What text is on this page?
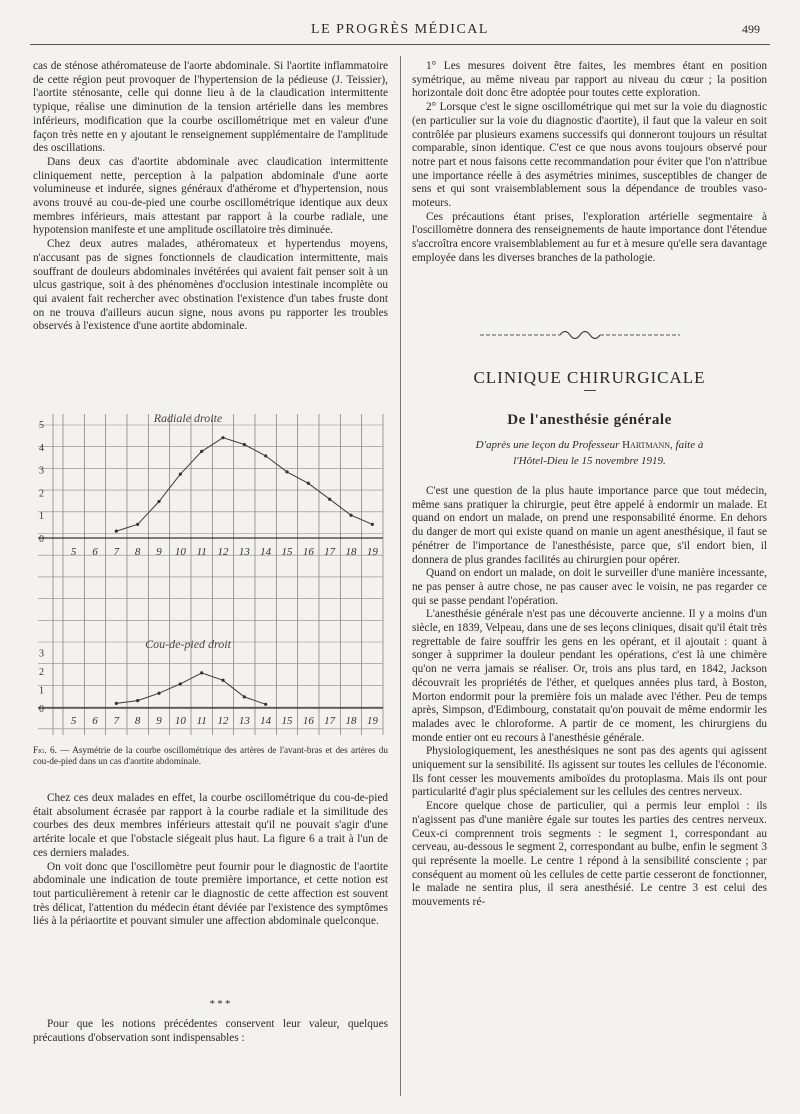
LE PROGRÈS MÉDICAL	499

cas de sténose athéromateuse de l'aorte abdominale. Si l'aortite inflammatoire de cette région peut provoquer de l'hypertension de la pédieuse (J. Teissier), l'aortite sténosante, celle qui donne lieu à de la claudication intermittente typique, réalise une diminution de la tension artérielle dans les membres inférieurs, modification que la courbe oscillométrique met en valeur d'une façon très nette en y ajoutant le renseignement supplémentaire de l'amplitude des oscillations.

Dans deux cas d'aortite abdominale avec claudication intermittente cliniquement nette, perception à la palpation abdominale d'une aorte volumineuse et indurée, signes généraux d'athérome et d'hypertension, nous avons trouvé au cou-de-pied une courbe oscillométrique identique aux deux membres inférieurs, mais attestant par rapport à la courbe radiale, une hypotension manifeste et une amplitude oscillatoire très diminuée.

Chez deux autres malades, athéromateux et hypertendus moyens, n'accusant pas de signes fonctionnels de claudication intermittente, mais souffrant de douleurs abdominales invétérées qui avaient fait penser soit à un ulcus gastrique, soit à des phénomènes d'occlusion intestinale incomplète ou qui avaient fait rechercher avec obstination l'existence d'un tabes fruste dont on ne trouva d'ailleurs aucun signe, nous avons pu rapporter les troubles observés à l'existence d'une aortite abdominale.

5 6 7 8 9 10 11 12 13 14 15 16 17 18 19
5
4
3
2
1
0
Radiale droite
5 6 7 8 9 10 11 12 13 14 15 16 17 18 19
3
2
1
0
Cou-de-pied droit
Fig. 6. — Asymétrie de la courbe oscillométrique des artères de l'avant-bras et des artères du cou-de-pied dans un cas d'aortite abdominale.

Chez ces deux malades en effet, la courbe oscillométrique du cou-de-pied était absolument écrasée par rapport à la courbe radiale et la similitude des courbes des deux membres inférieurs attestait qu'il ne pouvait s'agir d'une artérite locale et que l'obstacle siégeait plus haut. La figure 6 a trait à l'un de ces derniers malades.

On voit donc que l'oscillomètre peut fournir pour le diagnostic de l'aortite abdominale une indication de toute première importance, et cette notion est tout particulièrement à retenir car le diagnostic de cette affection est souvent très délicat, l'attention du médecin étant déviée par l'existence des symptômes liés à la périaortite et pouvant simuler une affection abdominale quelconque.

* * *

Pour que les notions précédentes conservent leur valeur, quelques précautions d'observation sont indispensables :

1° Les mesures doivent être faites, les membres étant en position symétrique, au même niveau par rapport au niveau du cœur ; la position horizontale doit donc être adoptée pour toutes cette exploration.

2° Lorsque c'est le signe oscillométrique qui met sur la voie du diagnostic (en particulier sur la voie du diagnostic d'aortite), il faut que la valeur en soit contrôlée par plusieurs examens successifs qui donneront toujours un résultat comparable, sinon identique. C'est ce que nous avons toujours observé pour notre part et nous faisons cette recommandation pour éviter que l'on n'attribue une importance réelle à des asymétries minimes, susceptibles de changer de sens et qui sont vraisemblablement sous la dépendance de troubles vaso-moteurs.

Ces précautions étant prises, l'exploration artérielle segmentaire à l'oscillomètre donnera des renseignements de haute importance dont l'étendue s'accroîtra encore vraisemblablement au fur et à mesure qu'elle sera davantage employée dans les diverses branches de la pathologie.

CLINIQUE CHIRURGICALE
De l'anesthésie générale
D'après une leçon du Professeur Hartmann, faite à
l'Hôtel-Dieu le 15 novembre 1919.

C'est une question de la plus haute importance parce que tout médecin, même sans pratiquer la chirurgie, peut être appelé à endormir un malade. Et quand on endort un malade, on prend une responsabilité énorme. En dehors du danger de mort qui existe quand on manie un agent anesthésique, il faut se pénétrer de l'importance de l'anesthésiste, parce que, s'il endort bien, il donnera de plus grandes facilités au chirurgien pour opérer.

Quand on endort un malade, on doit le surveiller d'une manière incessante, ne pas penser à autre chose, ne pas causer avec le voisin, ne pas regarder ce qui se passe pendant l'opération.

L'anesthésie générale n'est pas une découverte ancienne. Il y a moins d'un siècle, en 1839, Velpeau, dans une de ses leçons cliniques, disait qu'il était très regrettable de faire souffrir les gens en les opérant, et il ajoutait : quant à songer à supprimer la douleur pendant les opérations, c'est là une chimère qu'on ne verra jamais se réaliser. Or, trois ans plus tard, en 1842, Jackson découvrait les propriétés de l'éther, et quelques années plus tard, à Boston, Morton endormit pour la première fois un malade avec l'éther. Peu de temps après, Simpson, d'Edimbourg, constatait qu'on pouvait de même endormir les malades avec le chloroforme. A partir de ce moment, les chirurgiens du monde entier ont eu recours à l'anesthésie générale.

Physiologiquement, les anesthésiques ne sont pas des agents qui agissent uniquement sur la sensibilité. Ils agissent sur toutes les cellules de l'économie. Ils font cesser les mouvements amiboïdes du protoplasma. Mais ils ont pour particularité d'agir plus spécialement sur les cellules des centres nerveux.

Encore quelque chose de particulier, qui a permis leur emploi : ils n'agissent pas d'une manière égale sur toutes les parties des centres nerveux. Ceux-ci comprennent trois segments : le segment 1, correspondant au cerveau, au-dessous le segment 2, correspondant au bulbe, enfin le segment 3 qui représente la moelle. Le centre 1 répond à la sensibilité consciente ; par conséquent au moment où les cellules de cette partie cesseront de fonctionner, le malade ne sentira plus, il sera anesthésié. Le centre 3 est celui des mouvements ré-
